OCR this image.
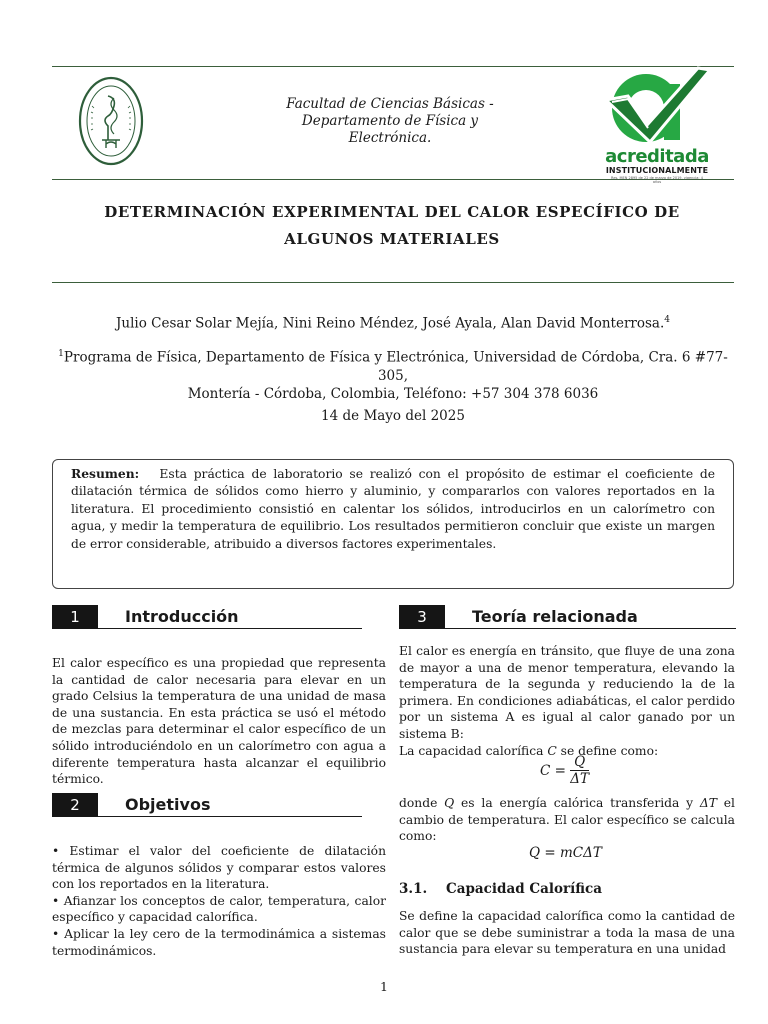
Facultad de Ciencias Básicas -
Departamento de Física y
Electrónica.
acreditada
INSTITUCIONALMENTE
Res. MEN 2895 de 22 de marzo de 2019, vigencia: 4 años
DETERMINACIÓN EXPERIMENTAL DEL CALOR ESPECÍFICO DE
ALGUNOS MATERIALES
Julio Cesar Solar Mejía, Nini Reino Méndez, José Ayala, Alan David Monterrosa.$^4$
$^1$Programa de Física, Departamento de Física y Electrónica, Universidad de Córdoba, Cra. 6 #77-305,
Montería - Córdoba, Colombia, Teléfono: +57 304 378 6036
14 de Mayo del 2025
Resumen: Esta práctica de laboratorio se realizó con el propósito de estimar el coeficiente de dilatación térmica de sólidos como hierro y aluminio, y compararlos con valores reportados en la literatura. El procedimiento consistió en calentar los sólidos, introducirlos en un calorímetro con agua, y medir la temperatura de equilibrio. Los resultados permitieron concluir que existe un margen de error considerable, atribuido a diversos factores experimentales.
1	Introducción
El calor específico es una propiedad que representa la cantidad de calor necesaria para elevar en un grado Celsius la temperatura de una unidad de masa de una sustancia. En esta práctica se usó el método de mezclas para determinar el calor específico de un sólido introduciéndolo en un calorímetro con agua a diferente temperatura hasta alcanzar el equilibrio térmico.
2	Objetivos
• Estimar el valor del coeficiente de dilatación térmica de algunos sólidos y comparar estos valores con los reportados en la literatura.
• Afianzar los conceptos de calor, temperatura, calor específico y capacidad calorífica.
• Aplicar la ley cero de la termodinámica a sistemas termodinámicos.
3	Teoría relacionada
El calor es energía en tránsito, que fluye de una zona de mayor a una de menor temperatura, elevando la temperatura de la segunda y reduciendo la de la primera. En condiciones adiabáticas, el calor perdido por un sistema A es igual al calor ganado por un sistema B:
La capacidad calorífica C se define como:
$C = \frac{Q}{\Delta T}$
donde Q es la energía calórica transferida y ΔT el cambio de temperatura. El calor específico se calcula como:
Q = mCΔT
3.1. Capacidad Calorífica
Se define la capacidad calorífica como la cantidad de calor que se debe suministrar a toda la masa de una sustancia para elevar su temperatura en una unidad
1
